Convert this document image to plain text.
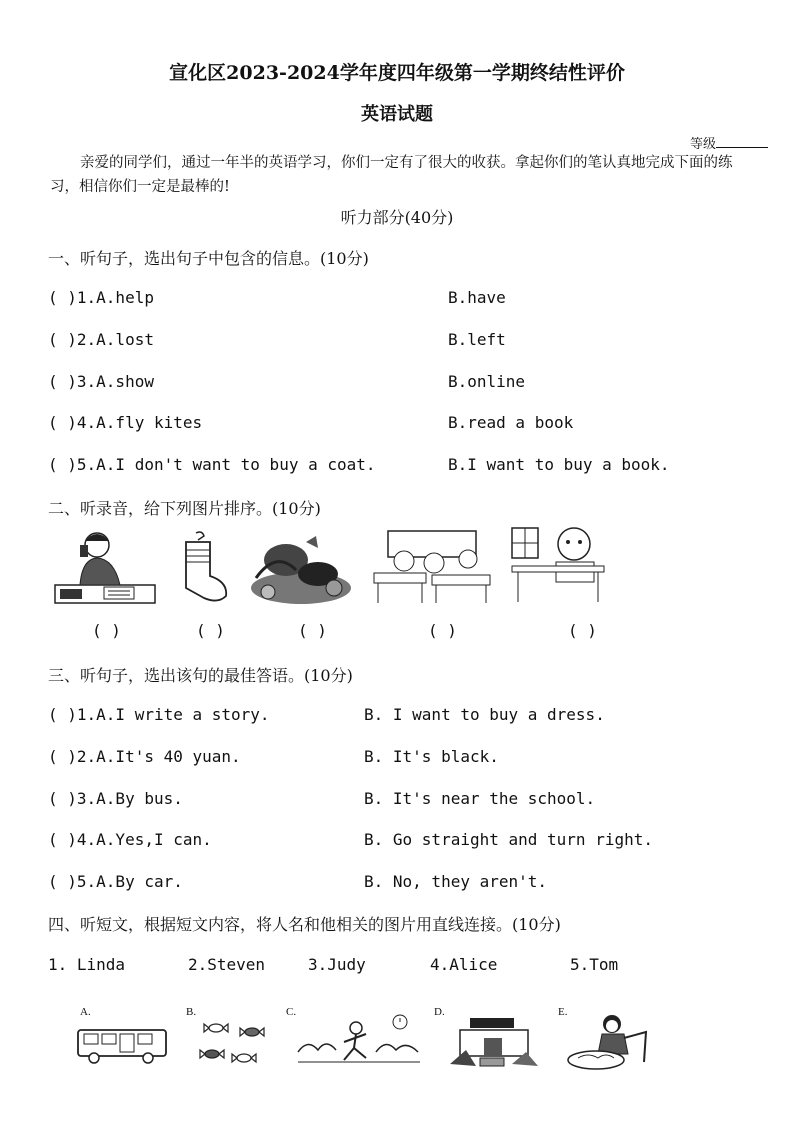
宣化区2023-2024学年度四年级第一学期终结性评价
英语试题
等级
亲爱的同学们，通过一年半的英语学习，你们一定有了很大的收获。拿起你们的笔认真地完成下面的练习，相信你们一定是最棒的!
听力部分(40分)
一、听句子，选出句子中包含的信息。(10分)
( )1.A.help	B.have
( )2.A.lost	B.left
( )3.A.show	B.online
( )4.A.fly kites	B.read a book
( )5.A.I don't want to buy a coat.	B.I want to buy a book.
二、听录音，给下列图片排序。(10分)
( )	( )	( )	( )	( )
三、听句子，选出该句的最佳答语。(10分)
( )1.A.I write a story.	B. I want to buy a dress.
( )2.A.It's 40 yuan.	B. It's black.
( )3.A.By bus.	B. It's near the school.
( )4.A.Yes,I can.	B. Go straight and turn right.
( )5.A.By car.	B. No, they aren't.
四、听短文，根据短文内容，将人名和他相关的图片用直线连接。(10分)
1. Linda	2.Steven	3.Judy	4.Alice	5.Tom
A.	B.	C.	D.	E.
